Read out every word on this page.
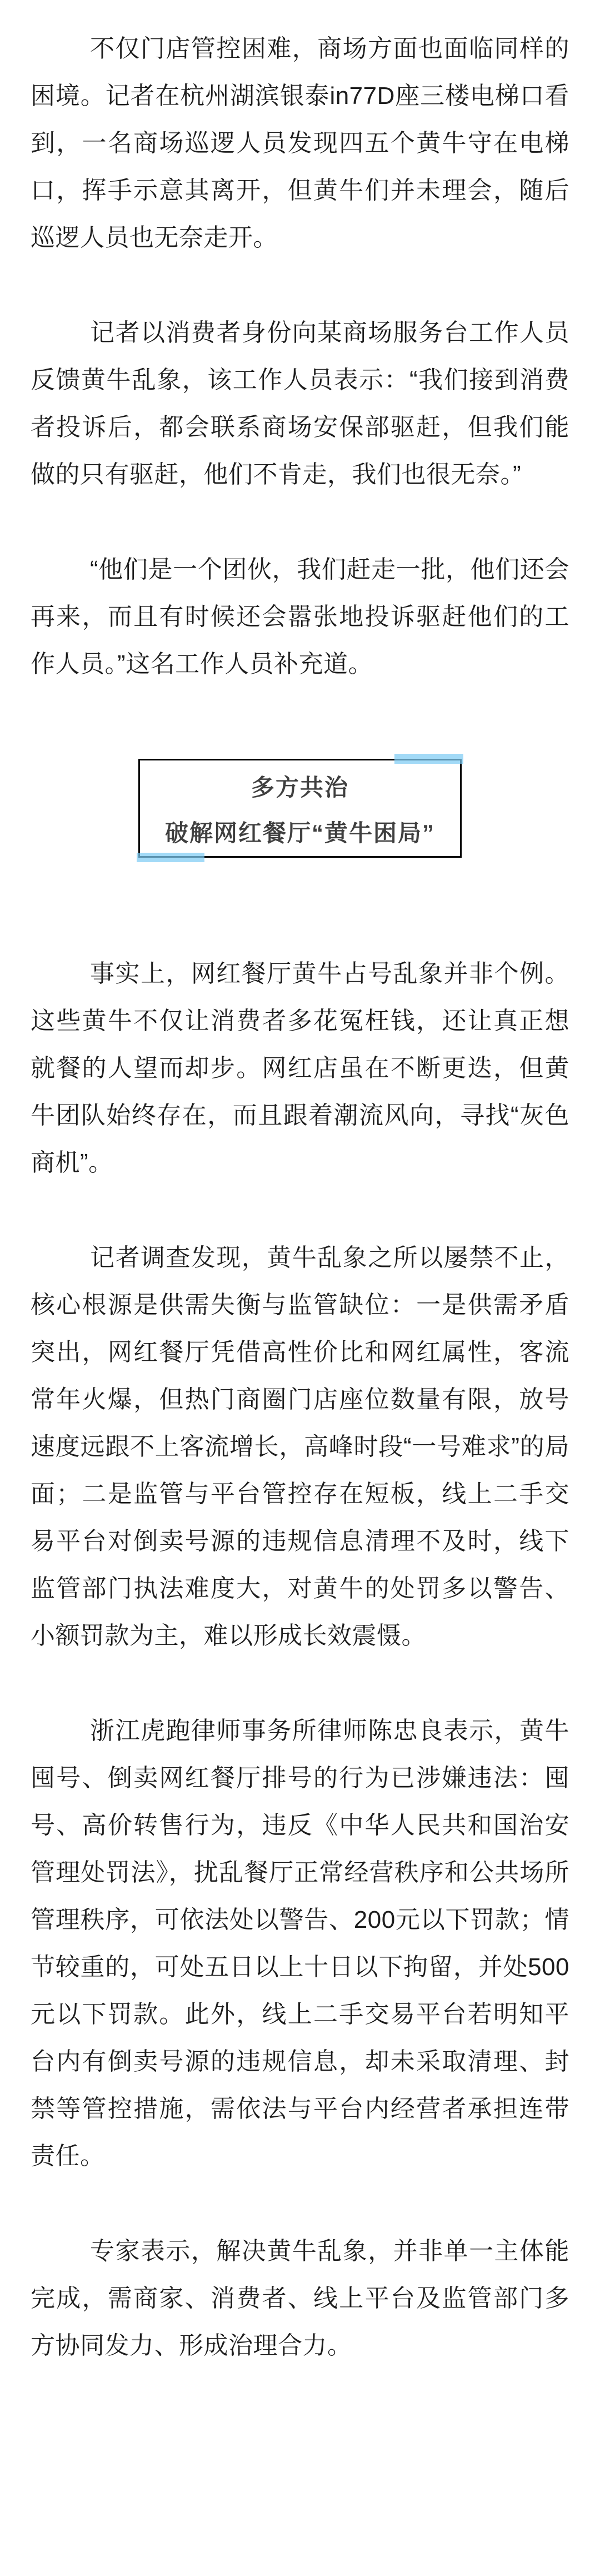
不仅门店管控困难，商场方面也面临同样的困境。记者在杭州湖滨银泰in77D座三楼电梯口看到，一名商场巡逻人员发现四五个黄牛守在电梯口，挥手示意其离开，但黄牛们并未理会，随后巡逻人员也无奈走开。

记者以消费者身份向某商场服务台工作人员反馈黄牛乱象，该工作人员表示：“我们接到消费者投诉后，都会联系商场安保部驱赶，但我们能做的只有驱赶，他们不肯走，我们也很无奈。”

“他们是一个团伙，我们赶走一批，他们还会再来，而且有时候还会嚣张地投诉驱赶他们的工作人员。”这名工作人员补充道。

多方共治
破解网红餐厅“黄牛困局”

事实上，网红餐厅黄牛占号乱象并非个例。这些黄牛不仅让消费者多花冤枉钱，还让真正想就餐的人望而却步。网红店虽在不断更迭，但黄牛团队始终存在，而且跟着潮流风向，寻找“灰色商机”。

记者调查发现，黄牛乱象之所以屡禁不止，核心根源是供需失衡与监管缺位：一是供需矛盾突出，网红餐厅凭借高性价比和网红属性，客流常年火爆，但热门商圈门店座位数量有限，放号速度远跟不上客流增长，高峰时段“一号难求”的局面；二是监管与平台管控存在短板，线上二手交易平台对倒卖号源的违规信息清理不及时，线下监管部门执法难度大，对黄牛的处罚多以警告、小额罚款为主，难以形成长效震慑。

浙江虎跑律师事务所律师陈忠良表示，黄牛囤号、倒卖网红餐厅排号的行为已涉嫌违法：囤号、高价转售行为，违反《中华人民共和国治安管理处罚法》，扰乱餐厅正常经营秩序和公共场所管理秩序，可依法处以警告、200元以下罚款；情节较重的，可处五日以上十日以下拘留，并处500元以下罚款。此外，线上二手交易平台若明知平台内有倒卖号源的违规信息，却未采取清理、封禁等管控措施，需依法与平台内经营者承担连带责任。

专家表示，解决黄牛乱象，并非单一主体能完成，需商家、消费者、线上平台及监管部门多方协同发力、形成治理合力。
